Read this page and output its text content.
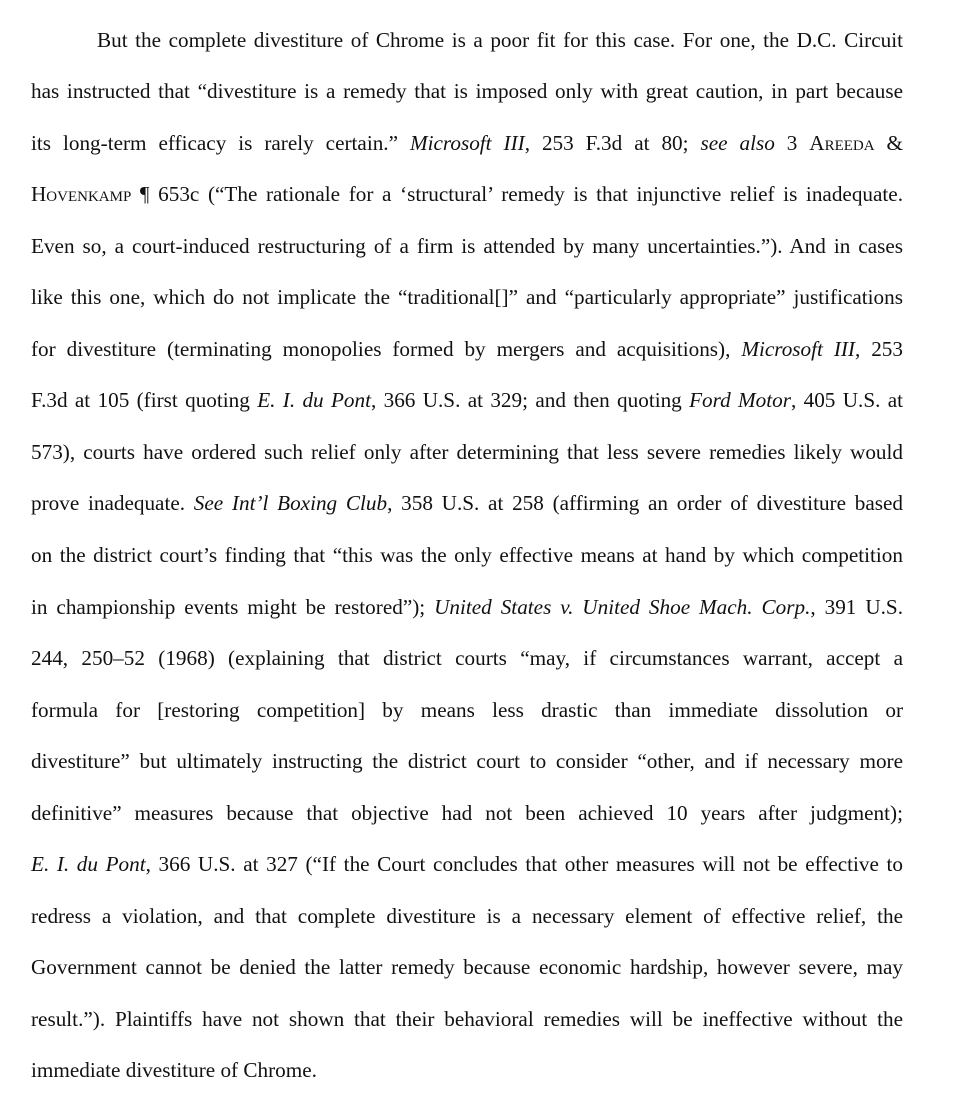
But the complete divestiture of Chrome is a poor fit for this case. For one, the D.C. Circuit
has instructed that “divestiture is a remedy that is imposed only with great caution, in part because
its long-term efficacy is rarely certain.” Microsoft III, 253 F.3d at 80; see also 3 Areeda &
Hovenkamp ¶ 653c (“The rationale for a ‘structural’ remedy is that injunctive relief is inadequate.
Even so, a court-induced restructuring of a firm is attended by many uncertainties.”). And in cases
like this one, which do not implicate the “traditional[]” and “particularly appropriate” justifications
for divestiture (terminating monopolies formed by mergers and acquisitions), Microsoft III, 253
F.3d at 105 (first quoting E. I. du Pont, 366 U.S. at 329; and then quoting Ford Motor, 405 U.S. at
573), courts have ordered such relief only after determining that less severe remedies likely would
prove inadequate. See Int’l Boxing Club, 358 U.S. at 258 (affirming an order of divestiture based
on the district court’s finding that “this was the only effective means at hand by which competition
in championship events might be restored”); United States v. United Shoe Mach. Corp., 391 U.S.
244, 250–52 (1968) (explaining that district courts “may, if circumstances warrant, accept a
formula for [restoring competition] by means less drastic than immediate dissolution or
divestiture” but ultimately instructing the district court to consider “other, and if necessary more
definitive” measures because that objective had not been achieved 10 years after judgment);
E. I. du Pont, 366 U.S. at 327 (“If the Court concludes that other measures will not be effective to
redress a violation, and that complete divestiture is a necessary element of effective relief, the
Government cannot be denied the latter remedy because economic hardship, however severe, may
result.”). Plaintiffs have not shown that their behavioral remedies will be ineffective without the
immediate divestiture of Chrome.
